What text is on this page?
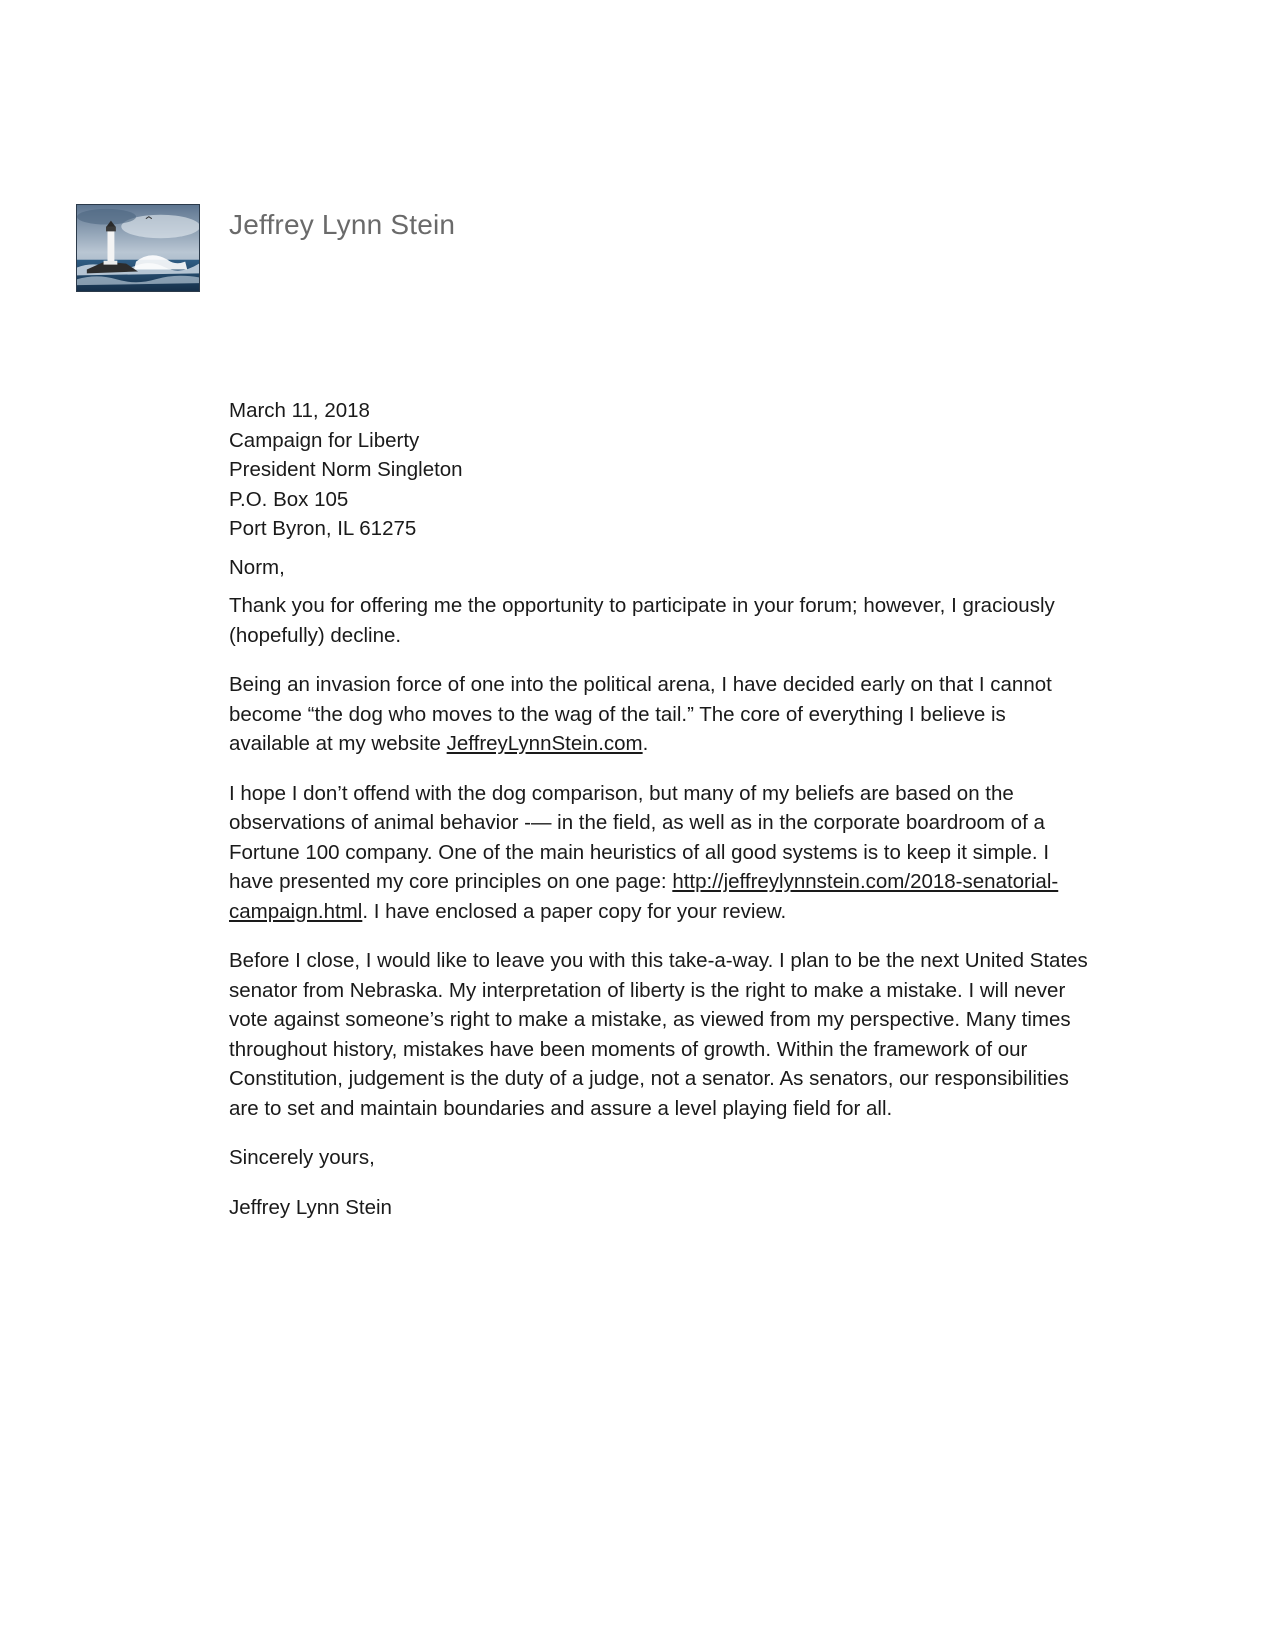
Jeffrey Lynn Stein
March 11, 2018
Campaign for Liberty
President Norm Singleton
P.O. Box 105
Port Byron, IL 61275
Norm,
Thank you for offering me the opportunity to participate in your forum; however, I graciously (hopefully) decline.
Being an invasion force of one into the political arena, I have decided early on that I cannot become “the dog who moves to the wag of the tail.” The core of everything I believe is available at my website JeffreyLynnStein.com.
I hope I don’t offend with the dog comparison, but many of my beliefs are based on the observations of animal behavior -— in the field, as well as in the corporate boardroom of a Fortune 100 company. One of the main heuristics of all good systems is to keep it simple. I have presented my core principles on one page: http://jeffreylynnstein.com/2018-senatorial-campaign.html. I have enclosed a paper copy for your review.
Before I close, I would like to leave you with this take-a-way. I plan to be the next United States senator from Nebraska. My interpretation of liberty is the right to make a mistake. I will never vote against someone’s right to make a mistake, as viewed from my perspective. Many times throughout history, mistakes have been moments of growth. Within the framework of our Constitution, judgement is the duty of a judge, not a senator. As senators, our responsibilities are to set and maintain boundaries and assure a level playing field for all.
Sincerely yours,
Jeffrey Lynn Stein
